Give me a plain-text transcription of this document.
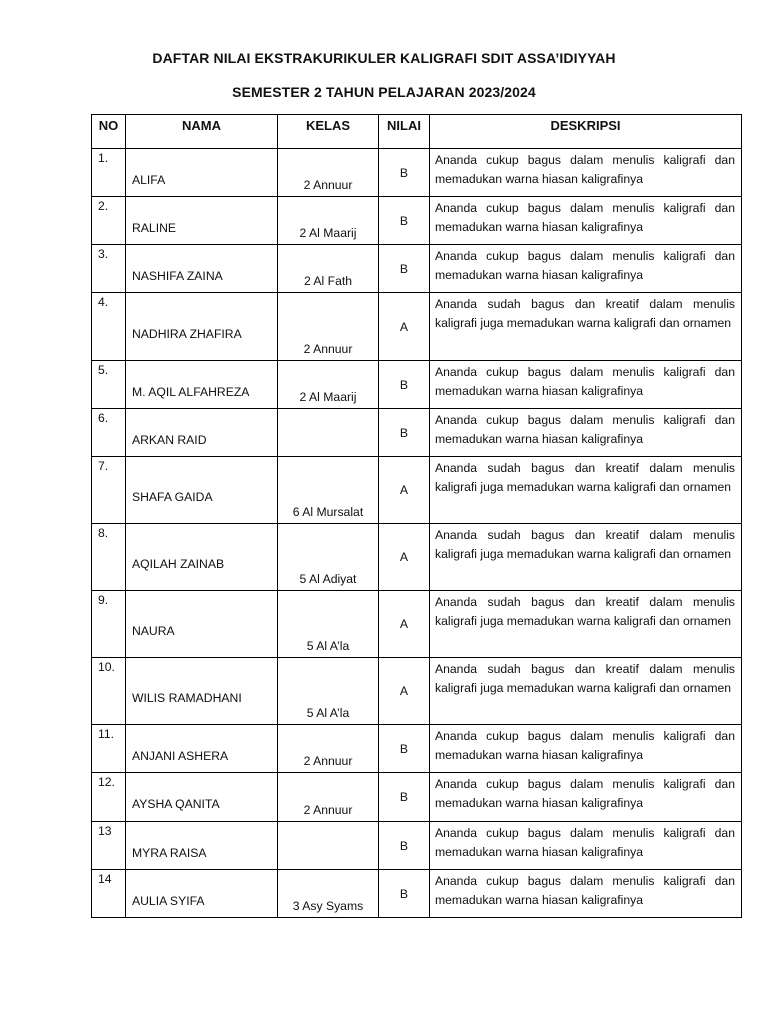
DAFTAR NILAI EKSTRAKURIKULER KALIGRAFI SDIT ASSA’IDIYYAH
SEMESTER 2 TAHUN PELAJARAN 2023/2024
NO	NAMA	KELAS	NILAI	DESKRIPSI
1.	ALIFA	2 Annuur	B	Ananda cukup bagus dalam menulis kaligrafi dan memadukan warna hiasan kaligrafinya
2.	RALINE	2 Al Maarij	B	Ananda cukup bagus dalam menulis kaligrafi dan memadukan warna hiasan kaligrafinya
3.	NASHIFA ZAINA	2 Al Fath	B	Ananda cukup bagus dalam menulis kaligrafi dan memadukan warna hiasan kaligrafinya
4.	NADHIRA ZHAFIRA	2 Annuur	A	Ananda sudah bagus dan kreatif dalam menulis kaligrafi juga memadukan warna kaligrafi dan ornamen
5.	M. AQIL ALFAHREZA	2 Al Maarij	B	Ananda cukup bagus dalam menulis kaligrafi dan memadukan warna hiasan kaligrafinya
6.	ARKAN RAID		B	Ananda cukup bagus dalam menulis kaligrafi dan memadukan warna hiasan kaligrafinya
7.	SHAFA GAIDA	6 Al Mursalat	A	Ananda sudah bagus dan kreatif dalam menulis kaligrafi juga memadukan warna kaligrafi dan ornamen
8.	AQILAH ZAINAB	5 Al Adiyat	A	Ananda sudah bagus dan kreatif dalam menulis kaligrafi juga memadukan warna kaligrafi dan ornamen
9.	NAURA	5 Al A’la	A	Ananda sudah bagus dan kreatif dalam menulis kaligrafi juga memadukan warna kaligrafi dan ornamen
10.	WILIS RAMADHANI	5 Al A’la	A	Ananda sudah bagus dan kreatif dalam menulis kaligrafi juga memadukan warna kaligrafi dan ornamen
11.	ANJANI ASHERA	2 Annuur	B	Ananda cukup bagus dalam menulis kaligrafi dan memadukan warna hiasan kaligrafinya
12.	AYSHA QANITA	2 Annuur	B	Ananda cukup bagus dalam menulis kaligrafi dan memadukan warna hiasan kaligrafinya
13	MYRA RAISA		B	Ananda cukup bagus dalam menulis kaligrafi dan memadukan warna hiasan kaligrafinya
14	AULIA SYIFA	3 Asy Syams	B	Ananda cukup bagus dalam menulis kaligrafi dan memadukan warna hiasan kaligrafinya
